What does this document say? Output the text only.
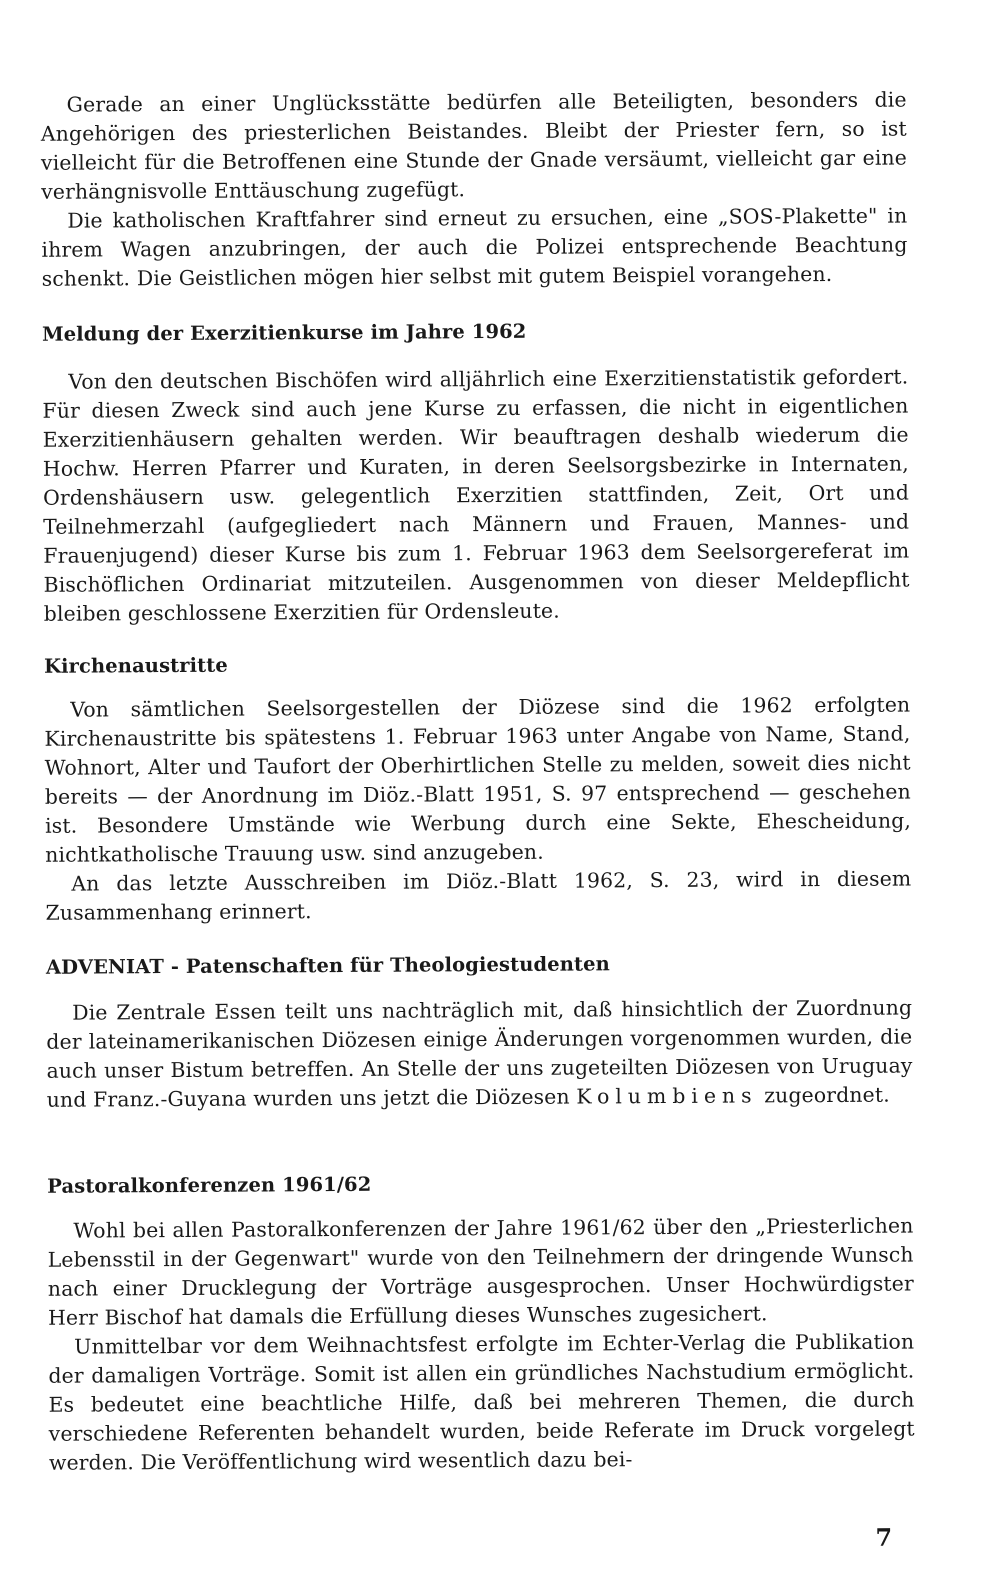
Gerade an einer Unglücksstätte bedürfen alle Beteiligten, besonders die Angehörigen des priesterlichen Beistandes. Bleibt der Priester fern, so ist vielleicht für die Betroffenen eine Stunde der Gnade versäumt, vielleicht gar eine verhängnisvolle Enttäuschung zugefügt.

Die katholischen Kraftfahrer sind erneut zu ersuchen, eine „SOS-Plakette" in ihrem Wagen anzubringen, der auch die Polizei entsprechende Beachtung schenkt. Die Geistlichen mögen hier selbst mit gutem Beispiel vorangehen.

Meldung der Exerzitienkurse im Jahre 1962

Von den deutschen Bischöfen wird alljährlich eine Exerzitienstatistik gefordert. Für diesen Zweck sind auch jene Kurse zu erfassen, die nicht in eigentlichen Exerzitienhäusern gehalten werden. Wir beauftragen deshalb wiederum die Hochw. Herren Pfarrer und Kuraten, in deren Seelsorgsbezirke in Internaten, Ordenshäusern usw. gelegentlich Exerzitien stattfinden, Zeit, Ort und Teilnehmerzahl (aufgegliedert nach Männern und Frauen, Mannes- und Frauenjugend) dieser Kurse bis zum 1. Februar 1963 dem Seelsorgereferat im Bischöflichen Ordinariat mitzuteilen. Ausgenommen von dieser Meldepflicht bleiben geschlossene Exerzitien für Ordensleute.

Kirchenaustritte

Von sämtlichen Seelsorgestellen der Diözese sind die 1962 erfolgten Kirchenaustritte bis spätestens 1. Februar 1963 unter Angabe von Name, Stand, Wohnort, Alter und Taufort der Oberhirtlichen Stelle zu melden, soweit dies nicht bereits — der Anordnung im Diöz.-Blatt 1951, S. 97 entsprechend — geschehen ist. Besondere Umstände wie Werbung durch eine Sekte, Ehescheidung, nichtkatholische Trauung usw. sind anzugeben.

An das letzte Ausschreiben im Diöz.-Blatt 1962, S. 23, wird in diesem Zusammenhang erinnert.

ADVENIAT - Patenschaften für Theologiestudenten

Die Zentrale Essen teilt uns nachträglich mit, daß hinsichtlich der Zuordnung der lateinamerikanischen Diözesen einige Änderungen vorgenommen wurden, die auch unser Bistum betreffen. An Stelle der uns zugeteilten Diözesen von Uruguay und Franz.-Guyana wurden uns jetzt die Diözesen Kolumbiens zugeordnet.

Pastoralkonferenzen 1961/62

Wohl bei allen Pastoralkonferenzen der Jahre 1961/62 über den „Priesterlichen Lebensstil in der Gegenwart" wurde von den Teilnehmern der dringende Wunsch nach einer Drucklegung der Vorträge ausgesprochen. Unser Hochwürdigster Herr Bischof hat damals die Erfüllung dieses Wunsches zugesichert.

Unmittelbar vor dem Weihnachtsfest erfolgte im Echter-Verlag die Publikation der damaligen Vorträge. Somit ist allen ein gründliches Nachstudium ermöglicht. Es bedeutet eine beachtliche Hilfe, daß bei mehreren Themen, die durch verschiedene Referenten behandelt wurden, beide Referate im Druck vorgelegt werden. Die Veröffentlichung wird wesentlich dazu bei-

7
